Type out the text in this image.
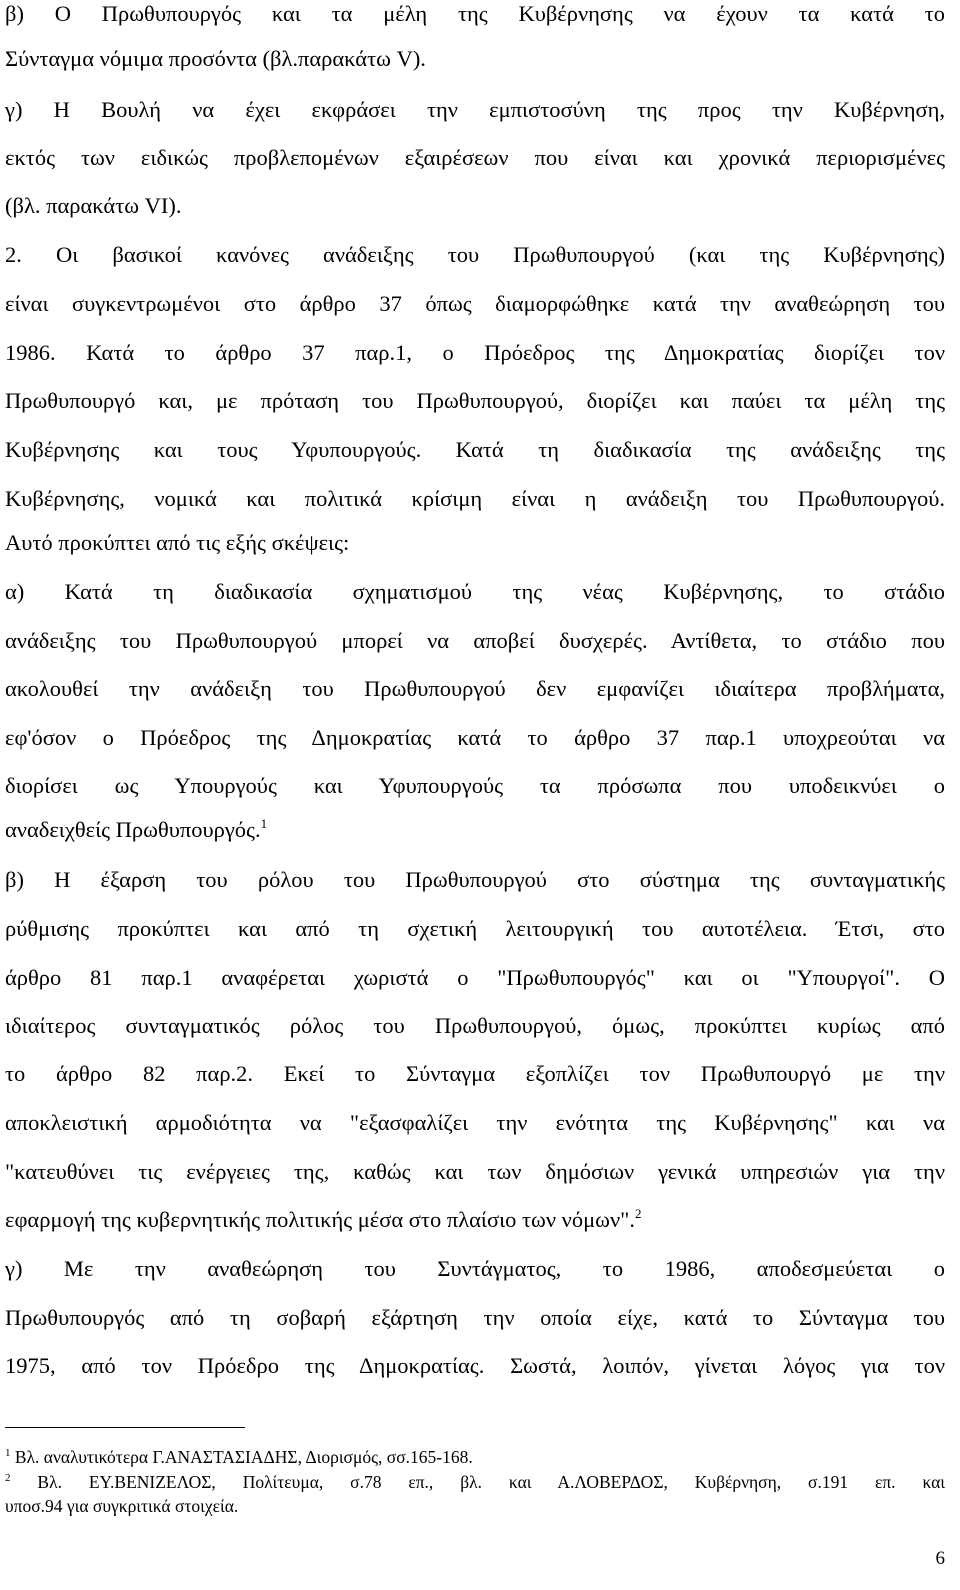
β) Ο Πρωθυπουργός και τα μέλη της Κυβέρνησης να έχουν τα κατά το
Σύνταγμα νόμιμα προσόντα (βλ.παρακάτω V).
γ) Η Βουλή να έχει εκφράσει την εμπιστοσύνη της προς την Κυβέρνηση,
εκτός των ειδικώς προβλεπομένων εξαιρέσεων που είναι και χρονικά περιορισμένες
(βλ. παρακάτω VI).
2. Οι βασικοί κανόνες ανάδειξης του Πρωθυπουργού (και της Κυβέρνησης)
είναι συγκεντρωμένοι στο άρθρο 37 όπως διαμορφώθηκε κατά την αναθεώρηση του
1986. Κατά το άρθρο 37 παρ.1, ο Πρόεδρος της Δημοκρατίας διορίζει τον
Πρωθυπουργό και, με πρόταση του Πρωθυπουργού, διορίζει και παύει τα μέλη της
Κυβέρνησης και τους Υφυπουργούς. Κατά τη διαδικασία της ανάδειξης της
Κυβέρνησης, νομικά και πολιτικά κρίσιμη είναι η ανάδειξη του Πρωθυπουργού.
Αυτό προκύπτει από τις εξής σκέψεις:
α) Κατά τη διαδικασία σχηματισμού της νέας Κυβέρνησης, το στάδιο
ανάδειξης του Πρωθυπουργού μπορεί να αποβεί δυσχερές. Αντίθετα, το στάδιο που
ακολουθεί την ανάδειξη του Πρωθυπουργού δεν εμφανίζει ιδιαίτερα προβλήματα,
εφ'όσον ο Πρόεδρος της Δημοκρατίας κατά το άρθρο 37 παρ.1 υποχρεούται να
διορίσει ως Υπουργούς και Υφυπουργούς τα πρόσωπα που υποδεικνύει ο
αναδειχθείς Πρωθυπουργός.$^1$
β) Η έξαρση του ρόλου του Πρωθυπουργού στο σύστημα της συνταγματικής
ρύθμισης προκύπτει και από τη σχετική λειτουργική του αυτοτέλεια. Έτσι, στο
άρθρο 81 παρ.1 αναφέρεται χωριστά ο "Πρωθυπουργός" και οι "Υπουργοί". Ο
ιδιαίτερος συνταγματικός ρόλος του Πρωθυπουργού, όμως, προκύπτει κυρίως από
το άρθρο 82 παρ.2. Εκεί το Σύνταγμα εξοπλίζει τον Πρωθυπουργό με την
αποκλειστική αρμοδιότητα να "εξασφαλίζει την ενότητα της Κυβέρνησης" και να
"κατευθύνει τις ενέργειες της, καθώς και των δημόσιων γενικά υπηρεσιών για την
εφαρμογή της κυβερνητικής πολιτικής μέσα στο πλαίσιο των νόμων".$^2$
γ) Με την αναθεώρηση του Συντάγματος, το 1986, αποδεσμεύεται ο
Πρωθυπουργός από τη σοβαρή εξάρτηση την οποία είχε, κατά το Σύνταγμα του
1975, από τον Πρόεδρο της Δημοκρατίας. Σωστά, λοιπόν, γίνεται λόγος για τον
$^1$ Βλ. αναλυτικότερα Γ.ΑΝΑΣΤΑΣΙΑΔΗΣ, Διορισμός, σσ.165-168.
$^2$ Βλ. ΕΥ.ΒΕΝΙΖΕΛΟΣ, Πολίτευμα, σ.78 επ., βλ. και Α.ΛΟΒΕΡΔΟΣ, Κυβέρνηση, σ.191 επ. και
υποσ.94 για συγκριτικά στοιχεία.
6
